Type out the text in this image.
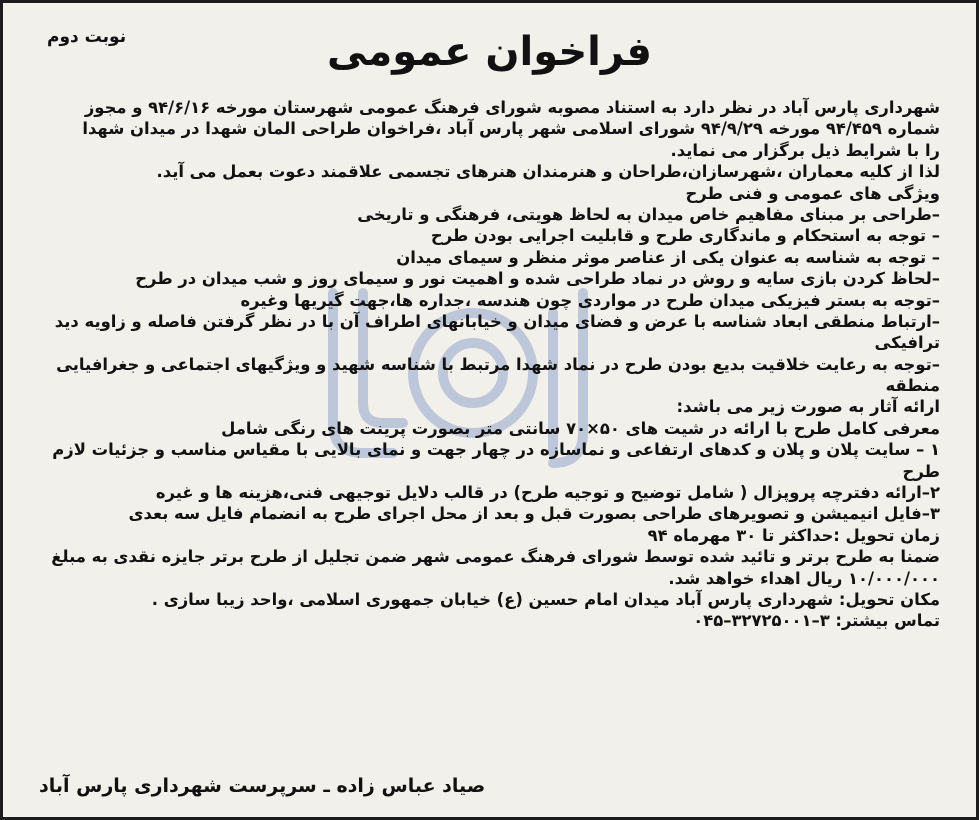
نوبت دوم	فراخوان عمومی
شهرداری پارس آباد در نظر دارد به استناد مصوبه شورای فرهنگ عمومی شهرستان مورخه ۹۴/۶/۱۶ و مجوز
شماره ۹۴/۴۵۹ مورخه ۹۴/۹/۲۹ شورای اسلامی شهر پارس آباد ،فراخوان طراحی المان شهدا در میدان شهدا
را با شرایط ذیل برگزار می نماید.
لذا از کلیه معماران ،شهرسازان،طراحان و هنرمندان هنرهای تجسمی علاقمند دعوت بعمل می آید.
ویژگی های عمومی و فنی طرح
–طراحی بر مبنای مفاهیم خاص میدان به لحاظ هویتی، فرهنگی و تاریخی
– توجه به استحکام و ماندگاری طرح و قابلیت اجرایی بودن طرح
– توجه به شناسه به عنوان یکی از عناصر موثر منظر و سیمای میدان
–لحاظ کردن بازی سایه و روش در نماد طراحی شده و اهمیت نور و سیمای روز و شب میدان در طرح
–توجه به بستر فیزیکی میدان طرح در مواردی چون هندسه ،جداره ها،جهت گیریها وغیره
–ارتباط منطقی ابعاد شناسه با عرض و فضای میدان و خیابانهای اطراف آن با در نظر گرفتن فاصله و زاویه دید
ترافیکی
–توجه به رعایت خلاقیت بدیع بودن طرح در نماد شهدا مرتبط با شناسه شهید و ویژگیهای اجتماعی و جغرافیایی
منطقه
ارائه آثار به صورت زیر می باشد:
معرفی کامل طرح با ارائه در شیت های ۵۰×۷۰ سانتی متر بصورت پرینت های رنگی شامل
۱ – سایت پلان و پلان و کدهای ارتفاعی و نماسازه در چهار جهت و نمای بالایی با مقیاس مناسب و جزئیات لازم
طرح
۲–ارائه دفترچه پروپزال ( شامل توضیح و توجیه طرح) در قالب دلایل توجیهی فنی،هزینه ها و غیره
۳–فایل انیمیشن و تصویرهای طراحی بصورت قبل و بعد از محل اجرای طرح به انضمام فایل سه بعدی
زمان تحویل :حداکثر تا ۳۰ مهرماه ۹۴
ضمنا به طرح برتر و تائید شده توسط شورای فرهنگ عمومی شهر ضمن تجلیل از طرح برتر جایزه نقدی به مبلغ
۱۰/۰۰۰/۰۰۰ ریال اهداء خواهد شد.
مکان تحویل: شهرداری پارس آباد میدان امام حسین (ع) خیابان جمهوری اسلامی ،واحد زیبا سازی .
تماس بیشتر: ۳–۳۲۷۲۵۰۰۱–۰۴۵
صیاد عباس زاده ـ سرپرست شهرداری پارس آباد
